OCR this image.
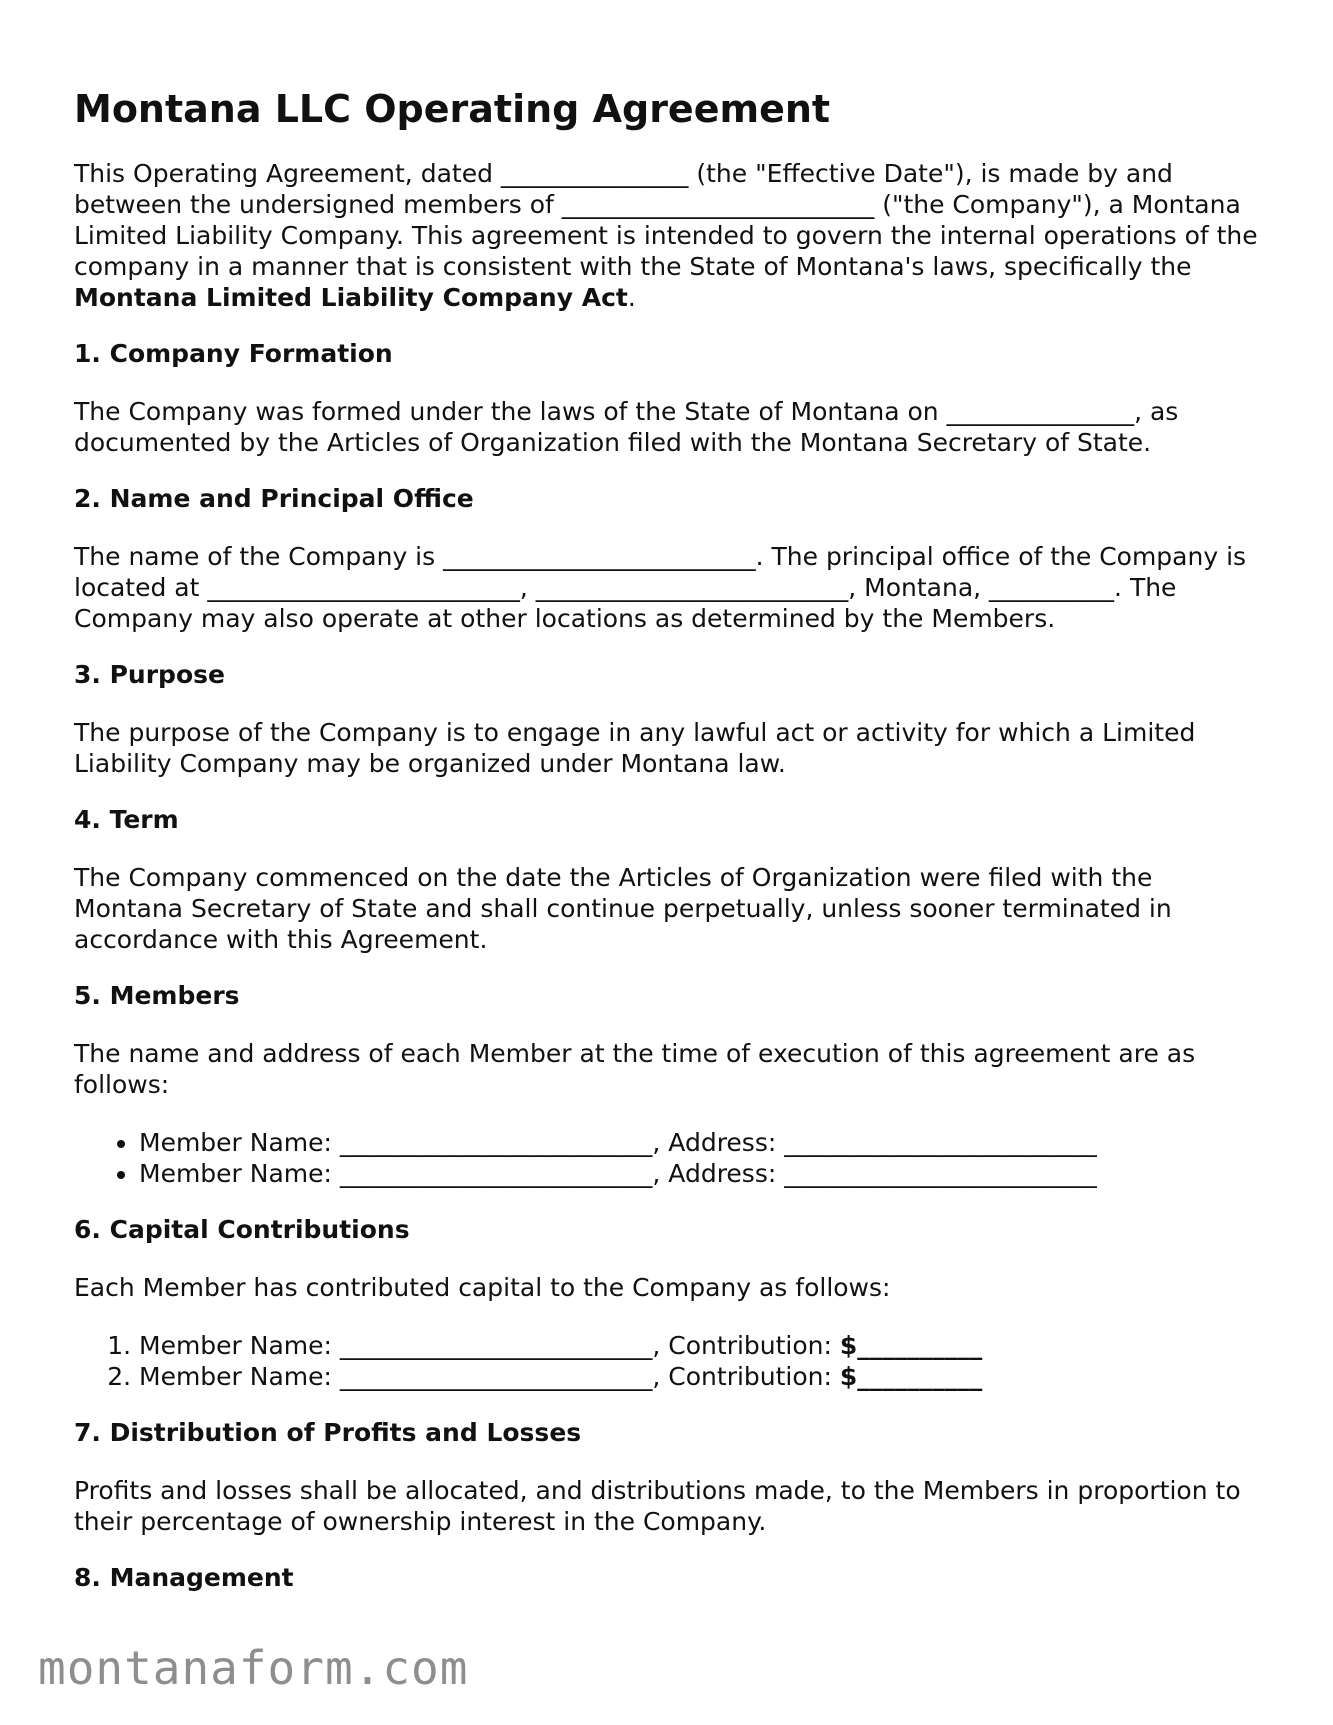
Montana LLC Operating Agreement

This Operating Agreement, dated _______________ (the "Effective Date"), is made by and between the undersigned members of _________________________ ("the Company"), a Montana Limited Liability Company. This agreement is intended to govern the internal operations of the company in a manner that is consistent with the State of Montana's laws, specifically the Montana Limited Liability Company Act.

1. Company Formation

The Company was formed under the laws of the State of Montana on _______________, as documented by the Articles of Organization filed with the Montana Secretary of State.

2. Name and Principal Office

The name of the Company is _________________________. The principal office of the Company is located at _________________________, _________________________, Montana, __________. The Company may also operate at other locations as determined by the Members.

3. Purpose

The purpose of the Company is to engage in any lawful act or activity for which a Limited Liability Company may be organized under Montana law.

4. Term

The Company commenced on the date the Articles of Organization were filed with the Montana Secretary of State and shall continue perpetually, unless sooner terminated in accordance with this Agreement.

5. Members

The name and address of each Member at the time of execution of this agreement are as follows:

• Member Name: _________________________, Address: _________________________
• Member Name: _________________________, Address: _________________________
6. Capital Contributions

Each Member has contributed capital to the Company as follows:

1. Member Name: _________________________, Contribution: $__________
2. Member Name: _________________________, Contribution: $__________
7. Distribution of Profits and Losses

Profits and losses shall be allocated, and distributions made, to the Members in proportion to their percentage of ownership interest in the Company.

8. Management
montanaform.com
